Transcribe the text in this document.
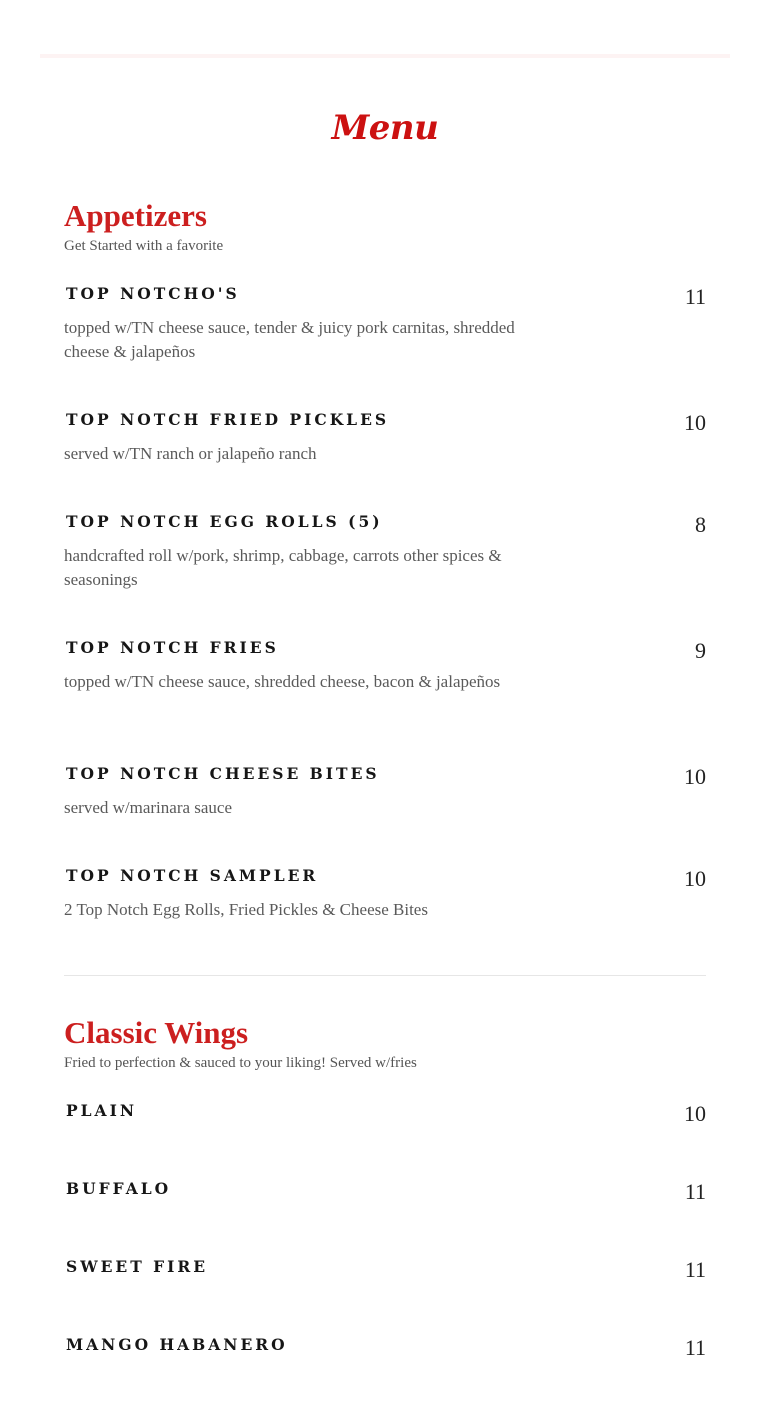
Menu
Appetizers
Get Started with a favorite
TOP NOTCHO'S	11
topped w/TN cheese sauce, tender & juicy pork carnitas, shredded cheese & jalapeños
TOP NOTCH FRIED PICKLES	10
served w/TN ranch or jalapeño ranch
TOP NOTCH EGG ROLLS (5)	8
handcrafted roll w/pork, shrimp, cabbage, carrots other spices & seasonings
TOP NOTCH FRIES	9
topped w/TN cheese sauce, shredded cheese, bacon & jalapeños
TOP NOTCH CHEESE BITES	10
served w/marinara sauce
TOP NOTCH SAMPLER	10
2 Top Notch Egg Rolls, Fried Pickles & Cheese Bites
Classic Wings
Fried to perfection & sauced to your liking! Served w/fries
PLAIN	10
BUFFALO	11
SWEET FIRE	11
MANGO HABANERO	11
